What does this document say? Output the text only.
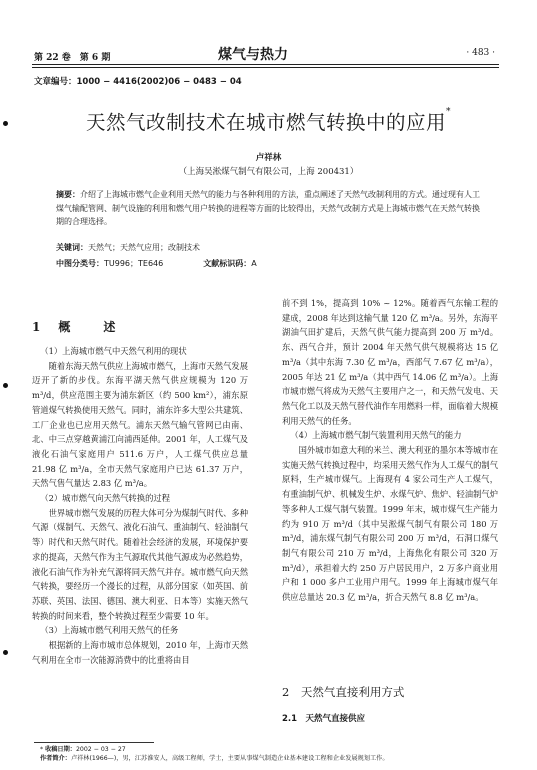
第 22 卷　第 6 期	煤气与热力	· 483 ·
文章编号：1000 − 4416(2002)06 − 0483 − 04
天然气改制技术在城市燃气转换中的应用*
卢祥林
（上海吴淞煤气制气有限公司，上海 200431）
摘要：介绍了上海城市燃气企业利用天然气的能力与各种利用的方法，重点阐述了天然气改制利用的方式。通过现有人工煤气输配管网、制气设施的利用和燃气用户转换的进程等方面的比较得出，天然气改制方式是上海城市燃气在天然气转换期的合理选择。
关键词：天然气；天然气应用；改制技术
中图分类号：TU996；TE646	文献标识码：A
1　概　　述

（1）上海城市燃气中天然气利用的现状

随着东海天然气供应上海城市燃气，上海市天然气发展迈开了新的步伐。东海平湖天然气供应规模为 120 万 m³/d，供应范围主要为浦东新区（约 500 km²），浦东原管道煤气转换使用天然气。同时，浦东许多大型公共建筑、工厂企业也已应用天然气。浦东天然气输气管网已由南、北、中三点穿越黄浦江向浦西延伸。2001 年，人工煤气及液化石油气家庭用户 511.6 万户，人工煤气供应总量 21.98 亿 m³/a，全市天然气家庭用户已达 61.37 万户，天然气售气量达 2.83 亿 m³/a。

（2）城市燃气向天然气转换的过程

世界城市燃气发展的历程大体可分为煤制气时代、多种气源（煤制气、天然气、液化石油气、重油制气、轻油制气等）时代和天然气时代。随着社会经济的发展，环境保护要求的提高，天然气作为主气源取代其他气源成为必然趋势，液化石油气作为补充气源将同天然气并存。城市燃气向天然气转换，要经历一个漫长的过程，从部分国家（如英国、前苏联、英国、法国、德国、澳大利亚、日本等）实施天然气转换的时间来看，整个转换过程至少需要 10 年。

（3）上海城市燃气利用天然气的任务

根据新的上海市城市总体规划，2010 年，上海市天然气利用在全市一次能源消费中的比重将由目

前不到 1%，提高到 10% ~ 12%。随着西气东输工程的建成，2008 年达到这输气量 120 亿 m³/a。另外，东海平湖油气田扩建后，天然气供气能力提高到 200 万 m³/d。东、西气合并，预计 2004 年天然气供气规模将达 15 亿 m³/a（其中东海 7.30 亿 m³/a，西部气 7.67 亿 m³/a），2005 年达 21 亿 m³/a（其中西气 14.06 亿 m³/a）。上海市城市燃气将成为天然气主要用户之一，和天然气发电、天然气化工以及天然气替代油作车用燃料一样，面临着大规模利用天然气的任务。

（4）上海城市燃气制气装置利用天然气的能力

国外城市如意大利的米兰、澳大利亚的墨尔本等城市在实施天然气转换过程中，均采用天然气作为人工煤气的制气原料，生产城市煤气。上海现有 4 家公司生产人工煤气，有重油制气炉、机械发生炉、水煤气炉、焦炉、轻油制气炉等多种人工煤气制气装置。1999 年末，城市煤气生产能力约为 910 万 m³/d（其中吴淞煤气制气有限公司 180 万 m³/d，浦东煤气制气有限公司 200 万 m³/d，石洞口煤气制气有限公司 210 万 m³/d，上海焦化有限公司 320 万 m³/d），承担着大约 250 万户居民用户，2 万多户商业用户和 1 000 多户工业用户用气。1999 年上海城市煤气年供应总量达 20.3 亿 m³/a，折合天然气 8.8 亿 m³/a。

2　天然气直接利用方式
2.1　天然气直接供应
* 收稿日期：2002 − 03 − 27
作者简介：卢祥林(1966—)，男，江苏淮安人，高级工程师，学士，主要从事煤气制造企业基本建设工程和企业发展规划工作。
